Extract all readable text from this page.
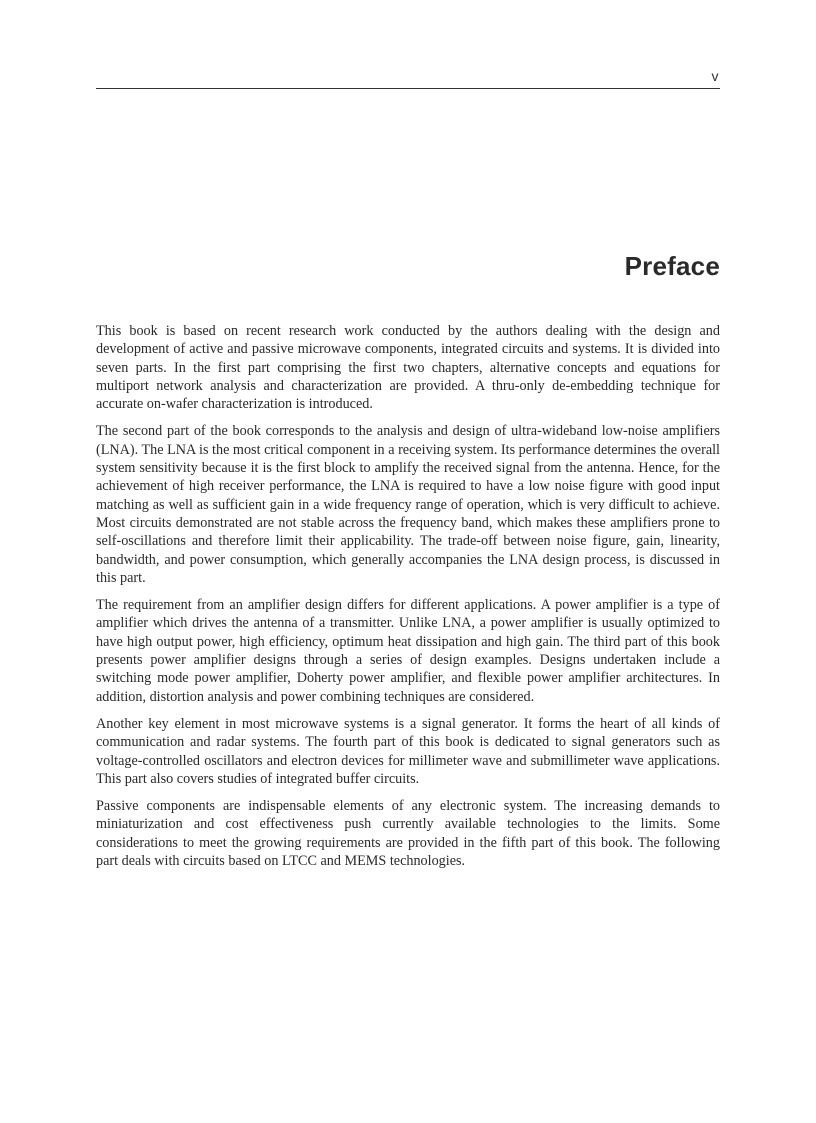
v
Preface

This book is based on recent research work conducted by the authors dealing with the design and development of active and passive microwave components, integrated circuits and systems. It is divided into seven parts. In the first part comprising the first two chapters, alternative concepts and equations for multiport network analysis and characterization are provided. A thru-only de-embedding technique for accurate on-wafer characterization is introduced.

The second part of the book corresponds to the analysis and design of ultra-wideband low-noise amplifiers (LNA). The LNA is the most critical component in a receiving system. Its performance determines the overall system sensitivity because it is the first block to amplify the received signal from the antenna. Hence, for the achievement of high receiver performance, the LNA is required to have a low noise figure with good input matching as well as sufficient gain in a wide frequency range of operation, which is very difficult to achieve. Most circuits demonstrated are not stable across the frequency band, which makes these amplifiers prone to self-oscillations and therefore limit their applicability. The trade-off between noise figure, gain, linearity, bandwidth, and power consumption, which generally accompanies the LNA design process, is discussed in this part.

The requirement from an amplifier design differs for different applications. A power amplifier is a type of amplifier which drives the antenna of a transmitter. Unlike LNA, a power amplifier is usually optimized to have high output power, high efficiency, optimum heat dissipation and high gain. The third part of this book presents power amplifier designs through a series of design examples. Designs undertaken include a switching mode power amplifier, Doherty power amplifier, and flexible power amplifier architectures. In addition, distortion analysis and power combining techniques are considered.

Another key element in most microwave systems is a signal generator. It forms the heart of all kinds of communication and radar systems. The fourth part of this book is dedicated to signal generators such as voltage-controlled oscillators and electron devices for millimeter wave and submillimeter wave applications. This part also covers studies of integrated buffer circuits.

Passive components are indispensable elements of any electronic system. The increasing demands to miniaturization and cost effectiveness push currently available technologies to the limits. Some considerations to meet the growing requirements are provided in the fifth part of this book. The following part deals with circuits based on LTCC and MEMS technologies.
